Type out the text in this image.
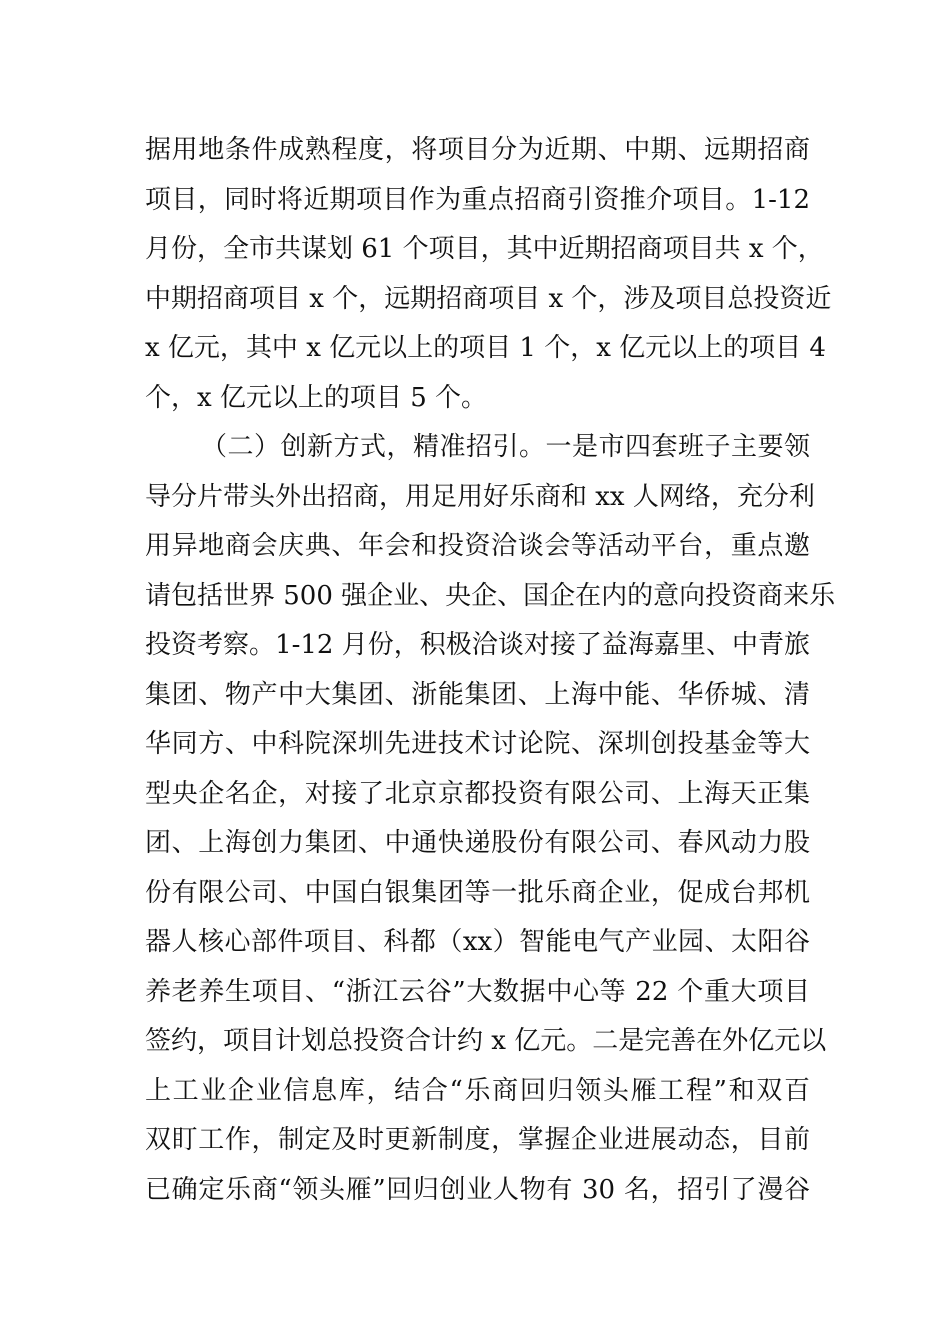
据用地条件成熟程度，将项目分为近期、中期、远期招商
项目，同时将近期项目作为重点招商引资推介项目。1-12
月份，全市共谋划 61 个项目，其中近期招商项目共 x 个，
中期招商项目 x 个，远期招商项目 x 个，涉及项目总投资近
x 亿元，其中 x 亿元以上的项目 1 个，x 亿元以上的项目 4
个，x 亿元以上的项目 5 个。
（二）创新方式，精准招引。一是市四套班子主要领
导分片带头外出招商，用足用好乐商和 xx 人网络，充分利
用异地商会庆典、年会和投资洽谈会等活动平台，重点邀
请包括世界 500 强企业、央企、国企在内的意向投资商来乐
投资考察。1-12 月份，积极洽谈对接了益海嘉里、中青旅
集团、物产中大集团、浙能集团、上海中能、华侨城、清
华同方、中科院深圳先进技术讨论院、深圳创投基金等大
型央企名企，对接了北京京都投资有限公司、上海天正集
团、上海创力集团、中通快递股份有限公司、春风动力股
份有限公司、中国白银集团等一批乐商企业，促成台邦机
器人核心部件项目、科都（xx）智能电气产业园、太阳谷
养老养生项目、“浙江云谷”大数据中心等 22 个重大项目
签约，项目计划总投资合计约 x 亿元。二是完善在外亿元以
上工业企业信息库，结合“乐商回归领头雁工程”和双百
双盯工作，制定及时更新制度，掌握企业进展动态，目前
已确定乐商“领头雁”回归创业人物有 30 名，招引了漫谷
